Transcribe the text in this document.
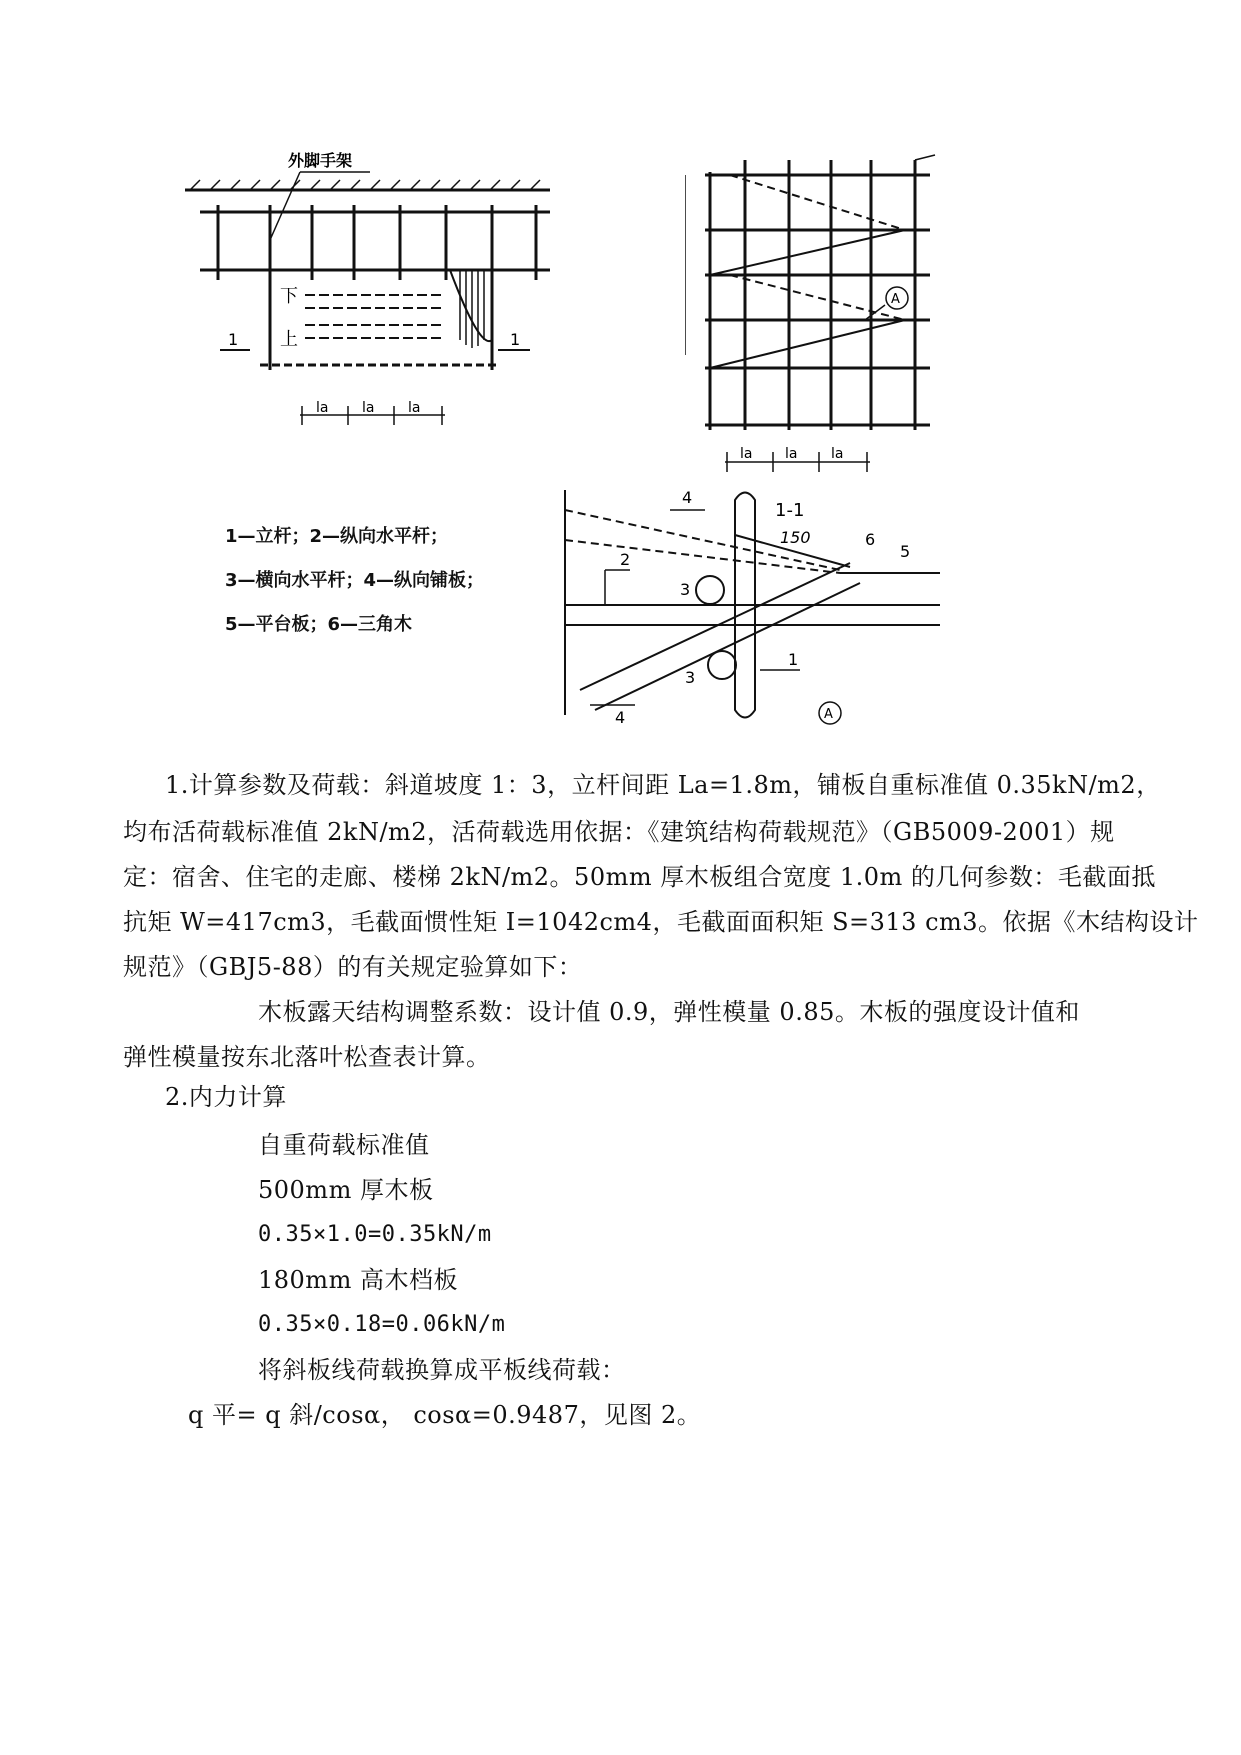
外脚手架
下
上
1	1
la la la
A
la la la
1-1
1—立杆；2—纵向水平杆；
3—横向水平杆；4—纵向铺板；
5—平台板；6—三角木
4
150	6
5
2
3
1
3
4	A
1.计算参数及荷载：斜道坡度 1：3，立杆间距 La=1.8m，铺板自重标准值 0.35kN/m2，
均布活荷载标准值 2kN/m2，活荷载选用依据：《建筑结构荷载规范》（GB5009-2001）规
定：宿舍、住宅的走廊、楼梯 2kN/m2。50mm 厚木板组合宽度 1.0m 的几何参数：毛截面抵
抗矩 W=417cm3，毛截面惯性矩 I=1042cm4，毛截面面积矩 S=313 cm3。依据《木结构设计
规范》（GBJ5-88）的有关规定验算如下：
木板露天结构调整系数：设计值 0.9，弹性模量 0.85。木板的强度设计值和
弹性模量按东北落叶松查表计算。
2.内力计算
自重荷载标准值
500mm 厚木板
0.35×1.0=0.35kN/m
180mm 高木档板
0.35×0.18=0.06kN/m
将斜板线荷载换算成平板线荷载：
q 平= q 斜/cosα， cosα=0.9487，见图 2。
